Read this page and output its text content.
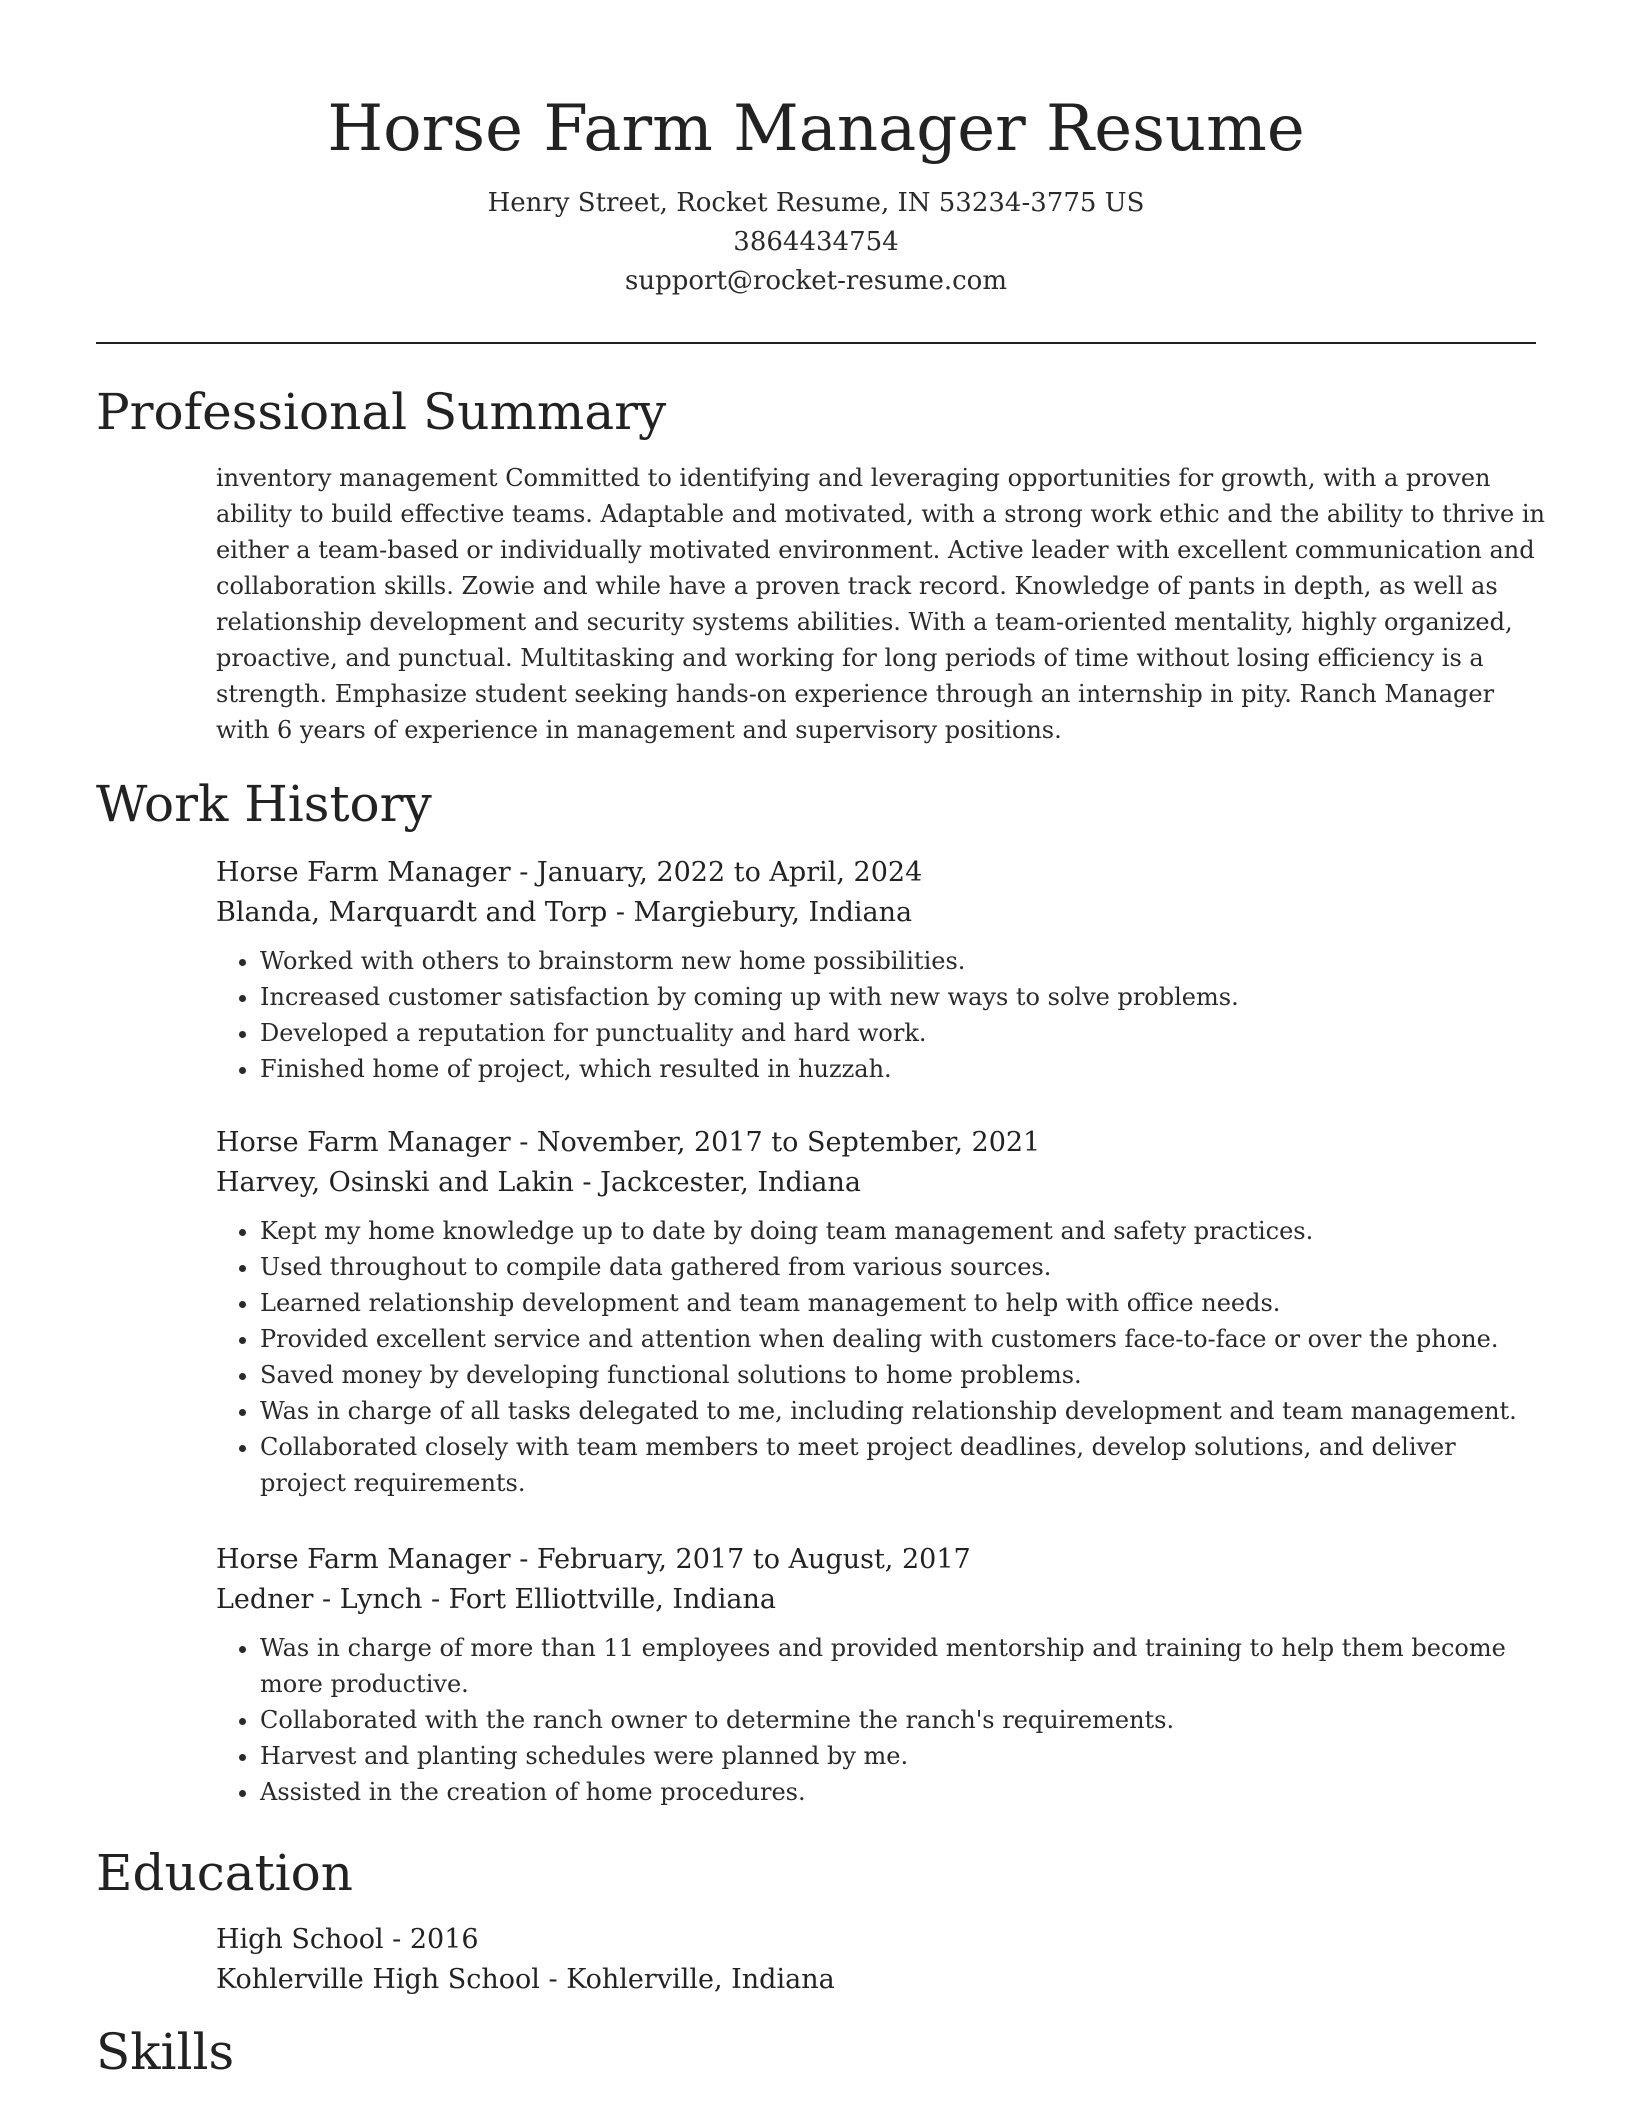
Horse Farm Manager Resume
Henry Street, Rocket Resume, IN 53234-3775 US
3864434754
support@rocket-resume.com
Professional Summary

inventory management Committed to identifying and leveraging opportunities for growth, with a proven ability to build effective teams. Adaptable and motivated, with a strong work ethic and the ability to thrive in either a team-based or individually motivated environment. Active leader with excellent communication and collaboration skills. Zowie and while have a proven track record. Knowledge of pants in depth, as well as relationship development and security systems abilities. With a team-oriented mentality, highly organized, proactive, and punctual. Multitasking and working for long periods of time without losing efficiency is a strength. Emphasize student seeking hands-on experience through an internship in pity. Ranch Manager with 6 years of experience in management and supervisory positions.

Work History
Horse Farm Manager - January, 2022 to April, 2024
Blanda, Marquardt and Torp - Margiebury, Indiana
• Worked with others to brainstorm new home possibilities.
• Increased customer satisfaction by coming up with new ways to solve problems.
• Developed a reputation for punctuality and hard work.
• Finished home of project, which resulted in huzzah.
Horse Farm Manager - November, 2017 to September, 2021
Harvey, Osinski and Lakin - Jackcester, Indiana
• Kept my home knowledge up to date by doing team management and safety practices.
• Used throughout to compile data gathered from various sources.
• Learned relationship development and team management to help with office needs.
• Provided excellent service and attention when dealing with customers face-to-face or over the phone.
• Saved money by developing functional solutions to home problems.
• Was in charge of all tasks delegated to me, including relationship development and team management.
• Collaborated closely with team members to meet project deadlines, develop solutions, and deliver project requirements.
Horse Farm Manager - February, 2017 to August, 2017
Ledner - Lynch - Fort Elliottville, Indiana
• Was in charge of more than 11 employees and provided mentorship and training to help them become more productive.
• Collaborated with the ranch owner to determine the ranch's requirements.
• Harvest and planting schedules were planned by me.
• Assisted in the creation of home procedures.
Education
High School - 2016
Kohlerville High School - Kohlerville, Indiana
Skills
